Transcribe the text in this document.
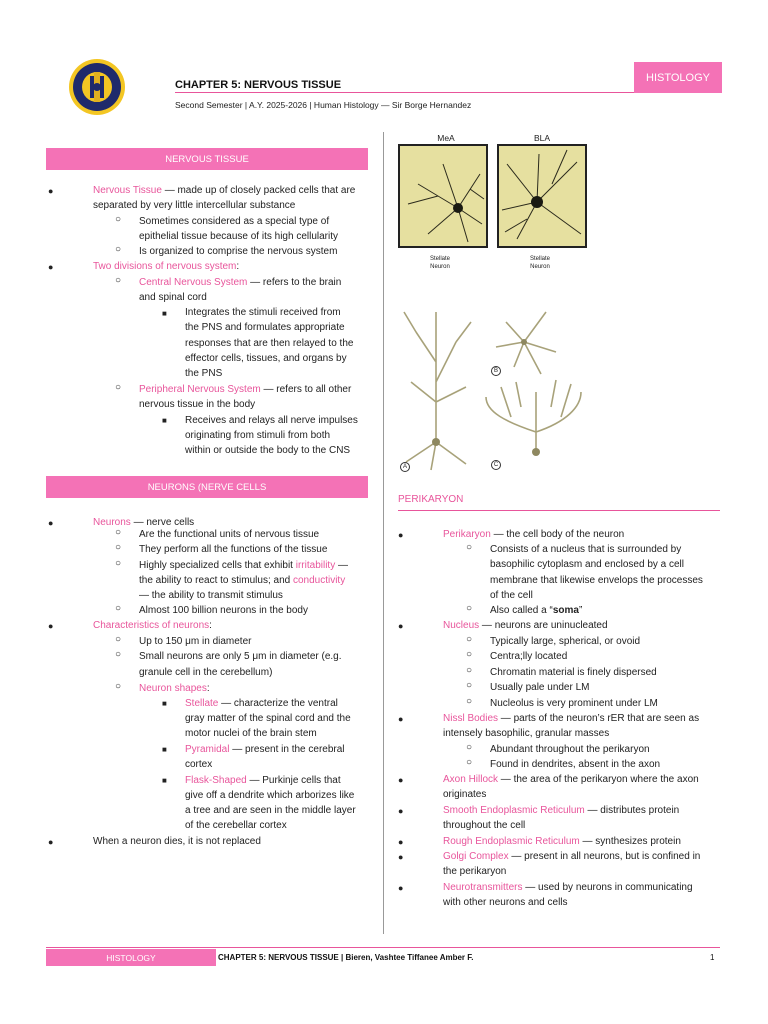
CHAPTER 5: NERVOUS TISSUE
Second Semester | A.Y. 2025-2026 | Human Histology — Sir Borge Hernandez
HISTOLOGY
NERVOUS TISSUE
●	Nervous Tissue — made up of closely packed cells that are
separated by very little intercellular substance
○ Sometimes considered as a special type of
epithelial tissue because of its high cellularity
○ Is organized to comprise the nervous system
●	Two divisions of nervous system:
○ Central Nervous System — refers to the brain
and spinal cord
■ Integrates the stimuli received from
the PNS and formulates appropriate
responses that are then relayed to the
effector cells, tissues, and organs by
the PNS
○ Peripheral Nervous System — refers to all other
nervous tissue in the body
■ Receives and relays all nerve impulses
originating from stimuli from both
within or outside the body to the CNS
NEURONS (NERVE CELLS
●	Neurons — nerve cells
○ Are the functional units of nervous tissue
○ They perform all the functions of the tissue
○ Highly specialized cells that exhibit irritability —
the ability to react to stimulus; and conductivity
— the ability to transmit stimulus
○ Almost 100 billion neurons in the body
●	Characteristics of neurons:
○ Up to 150 μm in diameter
○ Small neurons are only 5 μm in diameter (e.g.
granule cell in the cerebellum)
○ Neuron shapes:
■ Stellate — characterize the ventral
gray matter of the spinal cord and the
motor nuclei of the brain stem
■ Pyramidal — present in the cerebral
cortex
■ Flask-Shaped — Purkinje cells that
give off a dendrite which arborizes like
a tree and are seen in the middle layer
of the cerebellar cortex
●	When a neuron dies, it is not replaced
MeA	BLA
Stellate Neuron
Stellate Neuron
A
B
C
PERIKARYON
●	Perikaryon — the cell body of the neuron
○ Consists of a nucleus that is surrounded by
basophilic cytoplasm and enclosed by a cell
membrane that likewise envelops the processes
of the cell
○ Also called a “soma”
●	Nucleus — neurons are uninucleated
○ Typically large, spherical, or ovoid
○ Centra;lly located
○ Chromatin material is finely dispersed
○ Usually pale under LM
○ Nucleolus is very prominent under LM
●	Nissl Bodies — parts of the neuron’s rER that are seen as
intensely basophilic, granular masses
○ Abundant throughout the perikaryon
○ Found in dendrites, absent in the axon
●	Axon Hillock — the area of the perikaryon where the axon
originates
●	Smooth Endoplasmic Reticulum — distributes protein
throughout the cell
●	Rough Endoplasmic Reticulum — synthesizes protein
●	Golgi Complex — present in all neurons, but is confined in
the perikaryon
●	Neurotransmitters — used by neurons in communicating
with other neurons and cells
HISTOLOGY	CHAPTER 5: NERVOUS TISSUE | Bieren, Vashtee Tiffanee Amber F.	1
